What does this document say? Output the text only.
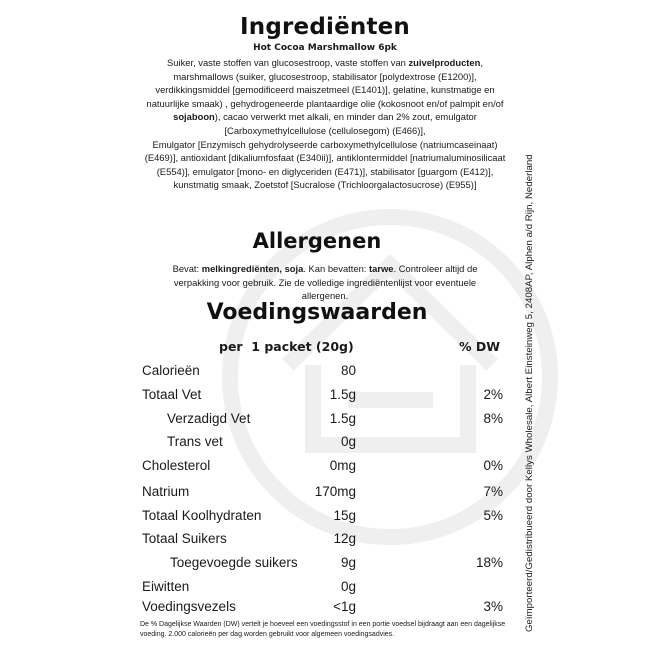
Ingrediënten
Hot Cocoa Marshmallow 6pk
Suiker, vaste stoffen van glucosestroop, vaste stoffen van zuivelproducten, marshmallows (suiker, glucosestroop, stabilisator [polydextrose (E1200)], verdikkingsmiddel [gemodificeerd maiszetmeel (E1401)], gelatine, kunstmatige en natuurlijke smaak) , gehydrogeneerde plantaardige olie (kokosnoot en/of palmpit en/of sojaboon), cacao verwerkt met alkali, en minder dan 2% zout, emulgator [Carboxymethylcellulose (cellulosegom) (E466)],
Emulgator [Enzymisch gehydrolyseerde carboxymethylcellulose (natriumcaseinaat)(E469)], antioxidant [dikaliumfosfaat (E340ii)], antiklontermiddel [natriumaluminosilicaat (E554)], emulgator [mono- en diglyceriden (E471)], stabilisator [guargom (E412)], kunstmatig smaak, Zoetstof [Sucralose (Trichloorgalactosucrose) (E955)]
Allergenen
Bevat: melkingrediënten, soja. Kan bevatten: tarwe. Controleer altijd de verpakking voor gebruik. Zie de volledige ingrediëntenlijst voor eventuele allergenen.
Voedingswaarden
per  1 packet (20g)	% DW
Calorieën	80
Totaal Vet	1.5g	2%
Verzadigd Vet	1.5g	8%
Trans vet	0g
Cholesterol	0mg	0%
Natrium	170mg	7%
Totaal Koolhydraten	15g	5%
Totaal Suikers	12g
Toegevoegde suikers	9g	18%
Eiwitten	0g
Voedingsvezels	<1g	3%
De % Dagelijkse Waarden (DW) vertelt je hoeveel een voedingsstof in een portie voedsel bijdraagt aan een dagelijkse voeding. 2.000 calorieën per dag worden gebruikt voor algemeen voedingsadvies.
Geïmporteerd/Gedistribueerd door Kellys Wholesale, Albert Einsteinweg 5, 2408AP, Alphen a/d Rijn, Nederland
